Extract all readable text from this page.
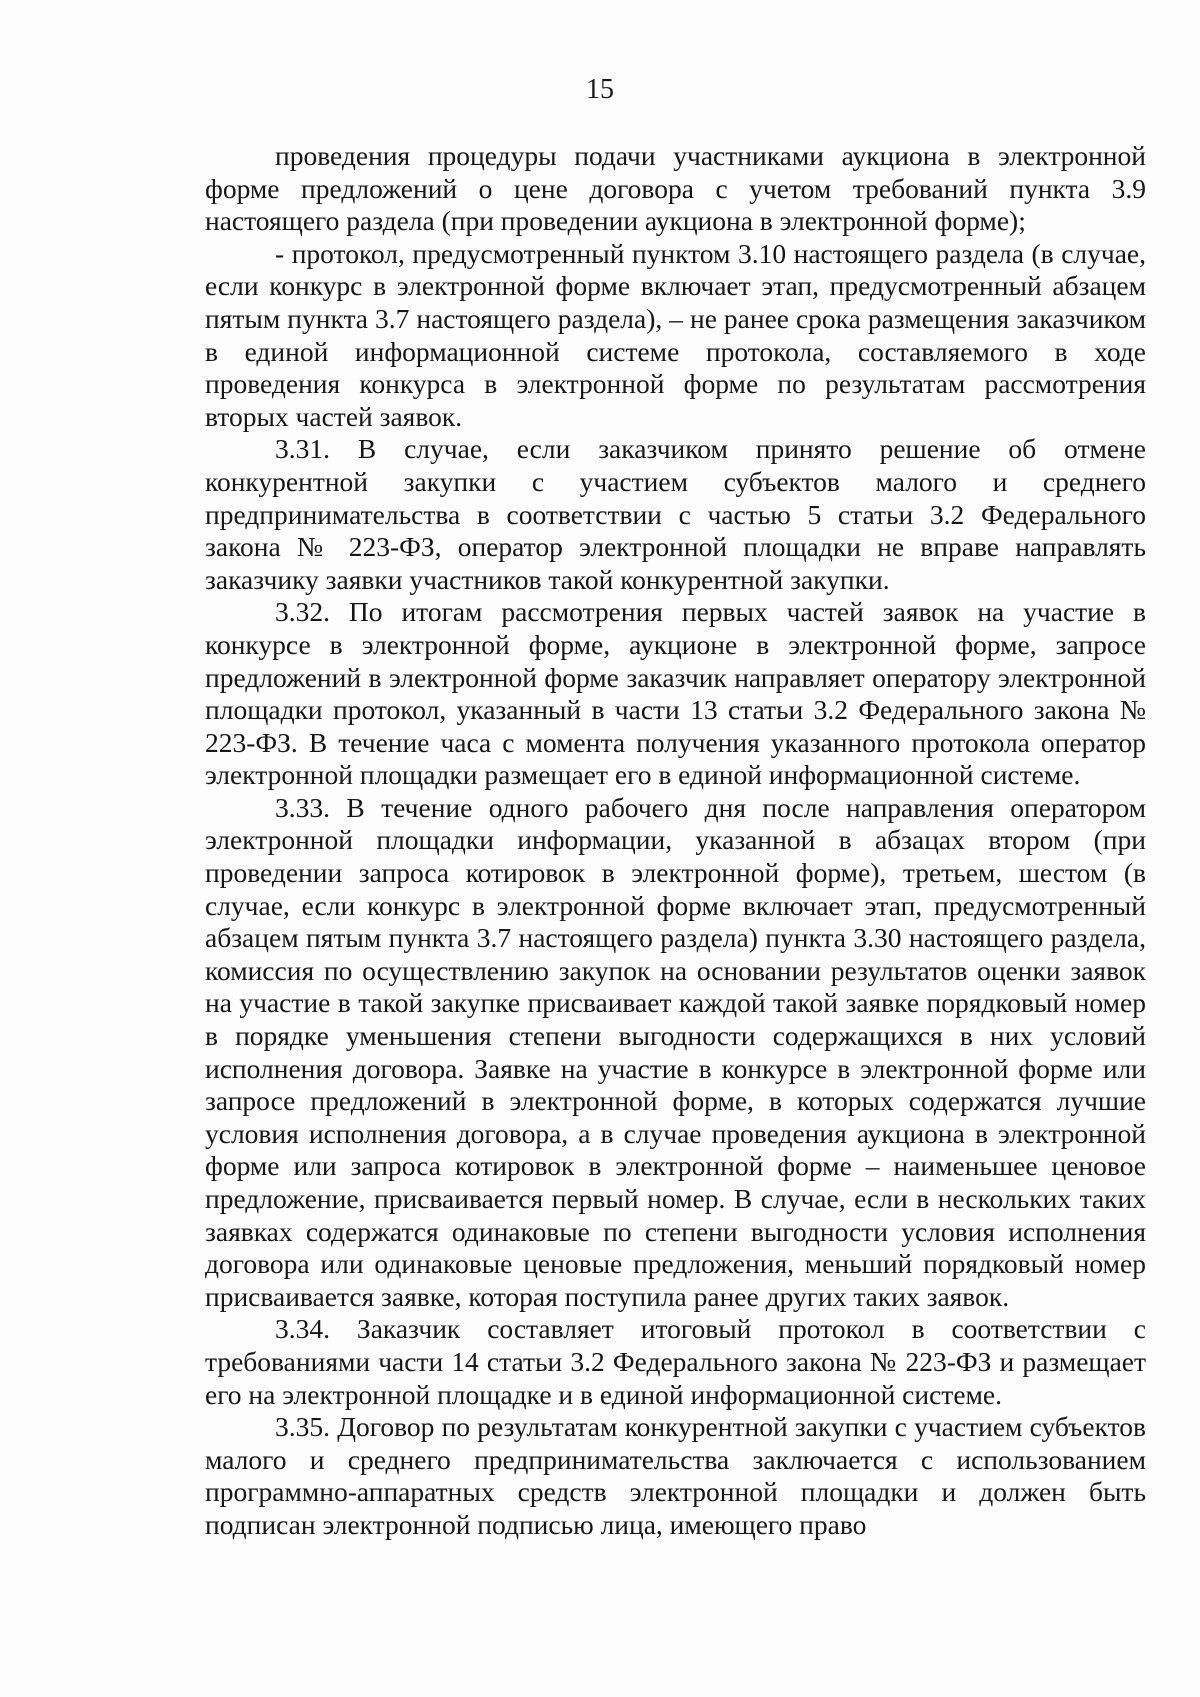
15

проведения процедуры подачи участниками аукциона в электронной форме предложений о цене договора с учетом требований пункта 3.9 настоящего раздела (при проведении аукциона в электронной форме);

- протокол, предусмотренный пунктом 3.10 настоящего раздела (в случае, если конкурс в электронной форме включает этап, предусмотренный абзацем пятым пункта 3.7 настоящего раздела), – не ранее срока размещения заказчиком в единой информационной системе протокола, составляемого в ходе проведения конкурса в электронной форме по результатам рассмотрения вторых частей заявок.

3.31. В случае, если заказчиком принято решение об отмене конкурентной закупки с участием субъектов малого и среднего предпринимательства в соответствии с частью 5 статьи 3.2 Федерального закона № 223-ФЗ, оператор электронной площадки не вправе направлять заказчику заявки участников такой конкурентной закупки.

3.32. По итогам рассмотрения первых частей заявок на участие в конкурсе в электронной форме, аукционе в электронной форме, запросе предложений в электронной форме заказчик направляет оператору электронной площадки протокол, указанный в части 13 статьи 3.2 Федерального закона № 223-ФЗ. В течение часа с момента получения указанного протокола оператор электронной площадки размещает его в единой информационной системе.

3.33. В течение одного рабочего дня после направления оператором электронной площадки информации, указанной в абзацах втором (при проведении запроса котировок в электронной форме), третьем, шестом (в случае, если конкурс в электронной форме включает этап, предусмотренный абзацем пятым пункта 3.7 настоящего раздела) пункта 3.30 настоящего раздела, комиссия по осуществлению закупок на основании результатов оценки заявок на участие в такой закупке присваивает каждой такой заявке порядковый номер в порядке уменьшения степени выгодности содержащихся в них условий исполнения договора. Заявке на участие в конкурсе в электронной форме или запросе предложений в электронной форме, в которых содержатся лучшие условия исполнения договора, а в случае проведения аукциона в электронной форме или запроса котировок в электронной форме – наименьшее ценовое предложение, присваивается первый номер. В случае, если в нескольких таких заявках содержатся одинаковые по степени выгодности условия исполнения договора или одинаковые ценовые предложения, меньший порядковый номер присваивается заявке, которая поступила ранее других таких заявок.

3.34. Заказчик составляет итоговый протокол в соответствии с требованиями части 14 статьи 3.2 Федерального закона № 223-ФЗ и размещает его на электронной площадке и в единой информационной системе.

3.35. Договор по результатам конкурентной закупки с участием субъектов малого и среднего предпринимательства заключается с использованием программно-аппаратных средств электронной площадки и должен быть подписан электронной подписью лица, имеющего право
